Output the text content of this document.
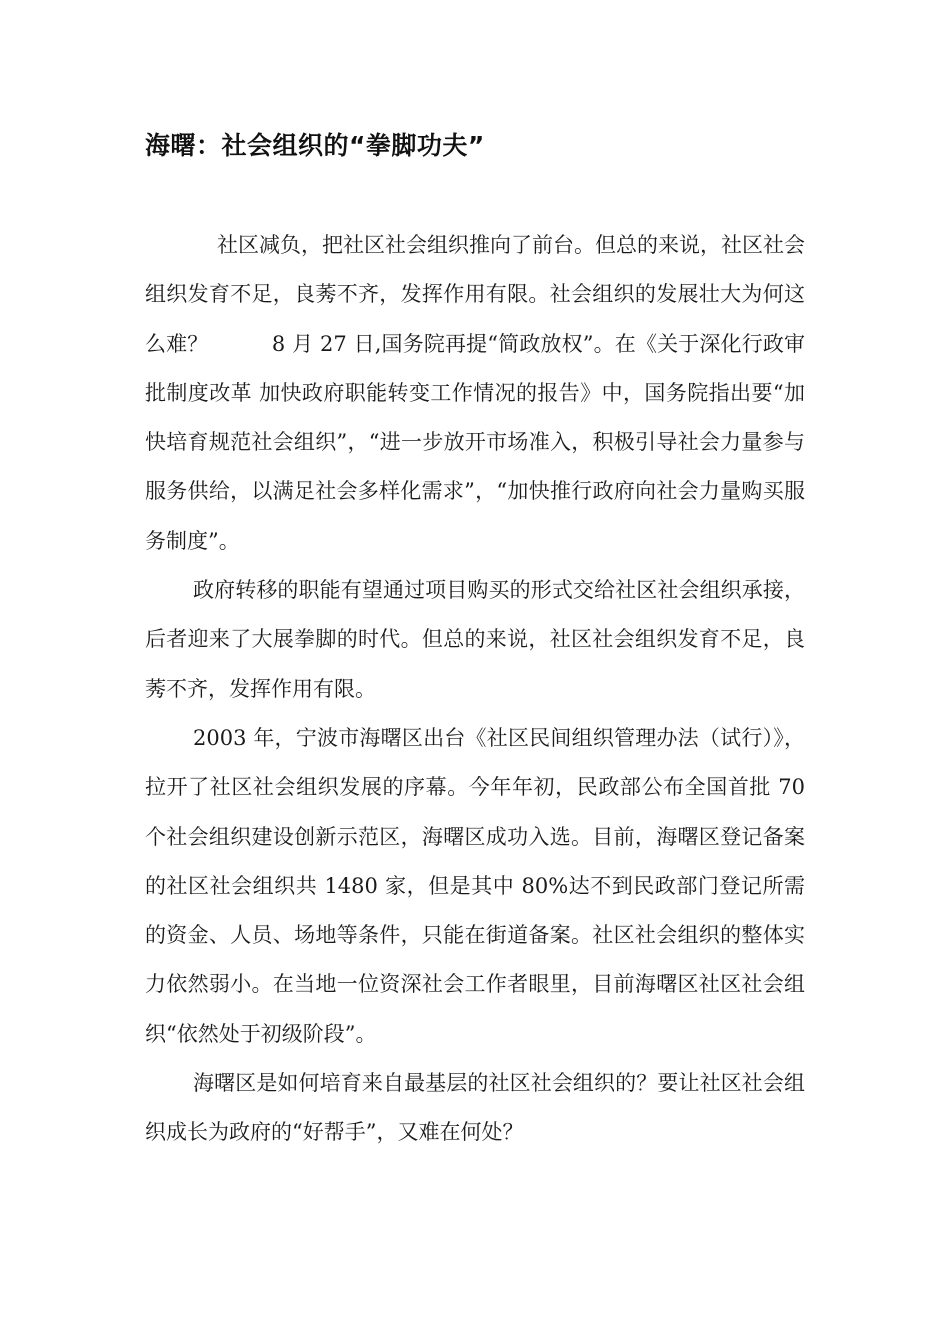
海曙：社会组织的“拳脚功夫”

社区减负，把社区社会组织推向了前台。但总的来说，社区社会组织发育不足，良莠不齐，发挥作用有限。社会组织的发展壮大为何这么难？　　　8 月 27 日,国务院再提“简政放权”。在《关于深化行政审批制度改革 加快政府职能转变工作情况的报告》中，国务院指出要“加快培育规范社会组织”，“进一步放开市场准入，积极引导社会力量参与服务供给，以满足社会多样化需求”，“加快推行政府向社会力量购买服务制度”。

政府转移的职能有望通过项目购买的形式交给社区社会组织承接，后者迎来了大展拳脚的时代。但总的来说，社区社会组织发育不足，良莠不齐，发挥作用有限。

2003 年，宁波市海曙区出台《社区民间组织管理办法（试行）》，拉开了社区社会组织发展的序幕。今年年初，民政部公布全国首批 70 个社会组织建设创新示范区，海曙区成功入选。目前，海曙区登记备案的社区社会组织共 1480 家，但是其中 80%达不到民政部门登记所需的资金、人员、场地等条件，只能在街道备案。社区社会组织的整体实力依然弱小。在当地一位资深社会工作者眼里，目前海曙区社区社会组织“依然处于初级阶段”。

海曙区是如何培育来自最基层的社区社会组织的？要让社区社会组织成长为政府的“好帮手”，又难在何处？
